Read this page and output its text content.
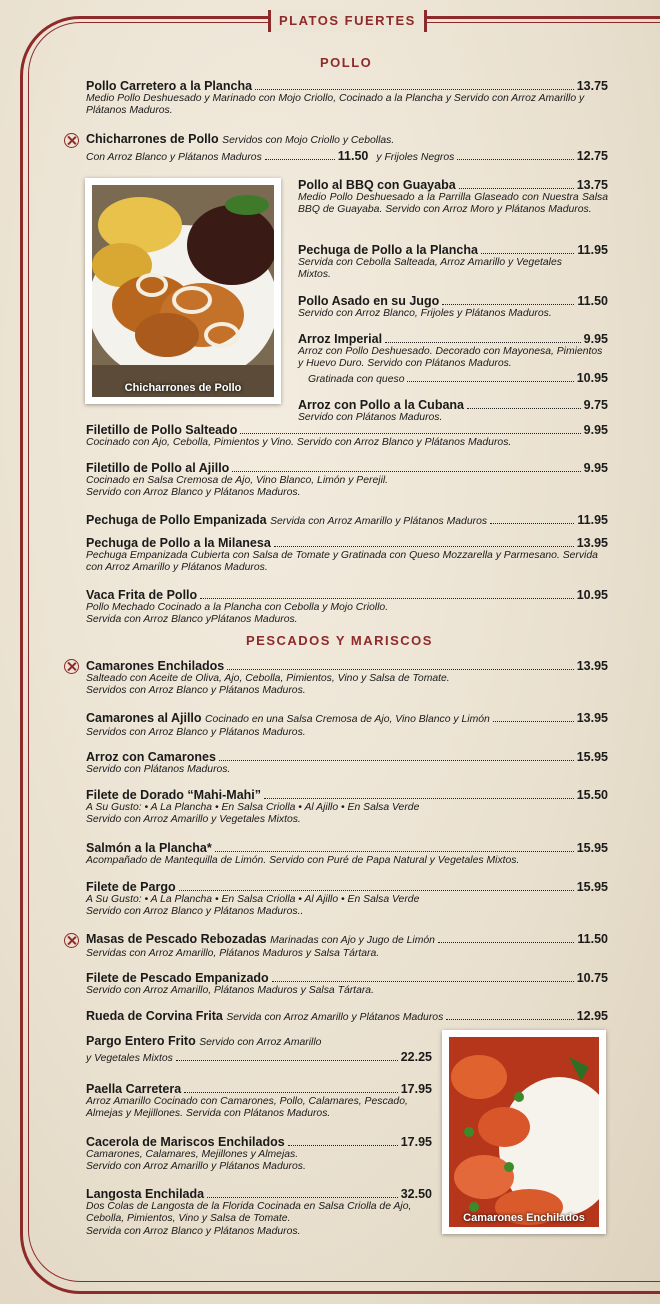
PLATOS FUERTES
POLLO
Pollo Carretero a la Plancha	13.75
Medio Pollo Deshuesado y Marinado con Mojo Criollo, Cocinado a la Plancha y Servido con Arroz Amarillo y Plátanos Maduros.
Chicharrones de Pollo Servidos con Mojo Criollo y Cebollas.
Con Arroz Blanco y Plátanos Maduros	11.50 y Frijoles Negros	12.75
Chicharrones de Pollo
Pollo al BBQ con Guayaba	13.75
Medio Pollo Deshuesado a la Parrilla Glaseado con Nuestra Salsa BBQ de Guayaba. Servido con Arroz Moro y Plátanos Maduros.
Pechuga de Pollo a la Plancha	11.95
Servida con Cebolla Salteada, Arroz Amarillo y Vegetales Mixtos.
Pollo Asado en su Jugo	11.50
Servido con Arroz Blanco, Frijoles y Plátanos Maduros.
Arroz Imperial	9.95
Arroz con Pollo Deshuesado. Decorado con Mayonesa, Pimientos y Huevo Duro. Servido con Plátanos Maduros.
Gratinada con queso	10.95
Arroz con Pollo a la Cubana	9.75
Servido con Plátanos Maduros.
Filetillo de Pollo Salteado	9.95
Cocinado con Ajo, Cebolla, Pimientos y Vino. Servido con Arroz Blanco y Plátanos Maduros.
Filetillo de Pollo al Ajillo	9.95
Cocinado en Salsa Cremosa de Ajo, Vino Blanco, Limón y Perejil.
Servido con Arroz Blanco y Plátanos Maduros.
Pechuga de Pollo Empanizada
Servida con Arroz Amarillo y Plátanos Maduros	11.95
Pechuga de Pollo a la Milanesa	13.95
Pechuga Empanizada Cubierta con Salsa de Tomate y Gratinada con Queso Mozzarella y Parmesano. Servida con Arroz Amarillo y Plátanos Maduros.
Vaca Frita de Pollo	10.95
Pollo Mechado Cocinado a la Plancha con Cebolla y Mojo Criollo.
Servida con Arroz Blanco yPlátanos Maduros.
PESCADOS Y MARISCOS
Camarones Enchilados	13.95
Salteado con Aceite de Oliva, Ajo, Cebolla, Pimientos, Vino y Salsa de Tomate.
Servidos con Arroz Blanco y Plátanos Maduros.
Camarones al Ajillo
Cocinado en una Salsa Cremosa de Ajo, Vino Blanco y Limón	13.95
Servidos con Arroz Blanco y Plátanos Maduros.
Arroz con Camarones	15.95
Servido con Plátanos Maduros.
Filete de Dorado “Mahi-Mahi”	15.50
A Su Gusto: • A La Plancha • En Salsa Criolla • Al Ajillo • En Salsa Verde
Servido con Arroz Amarillo y Vegetales Mixtos.
Salmón a la Plancha*	15.95
Acompañado de Mantequilla de Limón. Servido con Puré de Papa Natural y Vegetales Mixtos.
Filete de Pargo	15.95
A Su Gusto: • A La Plancha • En Salsa Criolla • Al Ajillo • En Salsa Verde
Servido con Arroz Blanco y Plátanos Maduros..
Masas de Pescado Rebozadas
Marinadas con Ajo y Jugo de Limón	11.50
Servidas con Arroz Amarillo, Plátanos Maduros y Salsa Tártara.
Filete de Pescado Empanizado	10.75
Servido con Arroz Amarillo, Plátanos Maduros y Salsa Tártara.
Rueda de Corvina Frita
Servida con Arroz Amarillo y Plátanos Maduros	12.95
Pargo Entero Frito Servido con Arroz Amarillo
y Vegetales Mixtos	22.25
Paella Carretera	17.95
Arroz Amarillo Cocinado con Camarones, Pollo, Calamares, Pescado, Almejas y Mejillones. Servida con Plátanos Maduros.
Cacerola de Mariscos Enchilados	17.95
Camarones, Calamares, Mejillones y Almejas.
Servido con Arroz Amarillo y Plátanos Maduros.
Langosta Enchilada	32.50
Dos Colas de Langosta de la Florida Cocinada en Salsa Criolla de Ajo, Cebolla, Pimientos, Vino y Salsa de Tomate.
Servida con Arroz Blanco y Plátanos Maduros.
Camarones Enchilados
